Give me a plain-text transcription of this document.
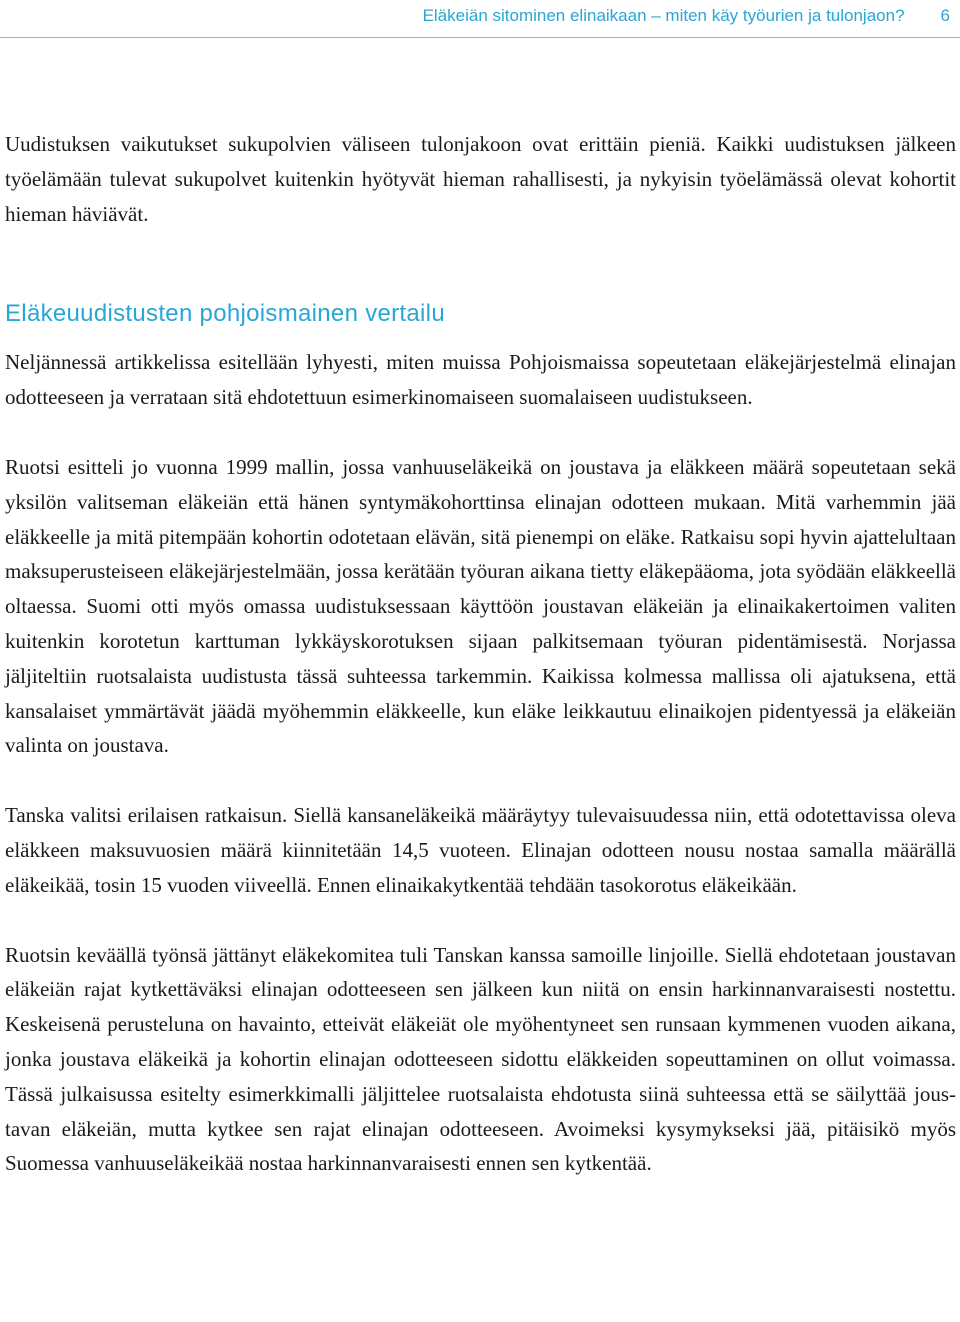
Eläkeiän sitominen elinaikaan – miten käy työurien ja tulonjaon? 6

Uudistuksen vaikutukset sukupolvien väliseen tulonjakoon ovat erittäin pieniä. Kaikki uudistuksen jälkeen työelämään tulevat sukupolvet kuitenkin hyötyvät hieman rahallisesti, ja nykyisin työelämässä olevat kohortit hieman häviävät.

Eläkeuudistusten pohjoismainen vertailu

Neljännessä artikkelissa esitellään lyhyesti, miten muissa Pohjoismaissa sopeutetaan eläkejärjestelmä elinajan odotteeseen ja verrataan sitä ehdotettuun esimerkinomaiseen suomalaiseen uudistukseen.

Ruotsi esitteli jo vuonna 1999 mallin, jossa vanhuuseläkeikä on joustava ja eläkkeen määrä sopeutetaan sekä yksilön valitseman eläkeiän että hänen syntymäkohorttinsa elinajan odotteen mukaan. Mitä varhemmin jää eläkkeelle ja mitä pitempään kohortin odotetaan elävän, sitä pienempi on eläke. Ratkaisu sopi hyvin ajattelultaan maksuperusteiseen eläkejärjestelmään, jossa kerätään työuran aikana tietty eläkepääoma, jota syödään eläkkeellä oltaessa. Suomi otti myös omassa uudistuksessaan käyttöön joustavan eläkeiän ja elinaikakertoimen valiten kuitenkin korotetun karttuman lykkäyskorotuksen sijaan palkitsemaan työuran pidentämisestä. Norjassa jäljiteltiin ruotsalaista uudistusta tässä suhteessa tarkemmin. Kaikissa kolmessa mallissa oli ajatuksena, että kansalaiset ymmärtävät jäädä myöhemmin eläkkeelle, kun eläke leikkautuu elinaikojen pidentyessä ja eläkeiän valinta on joustava.

Tanska valitsi erilaisen ratkaisun. Siellä kansaneläkeikä määräytyy tulevaisuudessa niin, että odotettavissa oleva eläkkeen maksuvuosien määrä kiinnitetään 14,5 vuoteen. Elinajan odotteen nousu nostaa samalla määrällä eläkeikää, tosin 15 vuoden viiveellä. Ennen elinaikakytkentää tehdään tasokorotus eläkeikään.

Ruotsin keväällä työnsä jättänyt eläkekomitea tuli Tanskan kanssa samoille linjoille. Siellä ehdotetaan joustavan eläkeiän rajat kytkettäväksi elinajan odotteeseen sen jälkeen kun niitä on ensin harkinnanvaraisesti nostettu. Keskeisenä perusteluna on havainto, etteivät eläkeiät ole myöhentyneet sen runsaan kymmenen vuoden aikana, jonka joustava eläkeikä ja kohortin elinajan odotteeseen sidottu eläkkeiden sopeuttaminen on ollut voimassa. Tässä julkaisussa esitelty esimerkkimalli jäljittelee ruotsalaista ehdotusta siinä suhteessa että se säilyttää joustavan eläkeiän, mutta kytkee sen rajat elinajan odotteeseen. Avoimeksi kysymykseksi jää, pitäisikö myös Suomessa vanhuuseläkeikää nostaa harkinnanvaraisesti ennen sen kytkentää.
